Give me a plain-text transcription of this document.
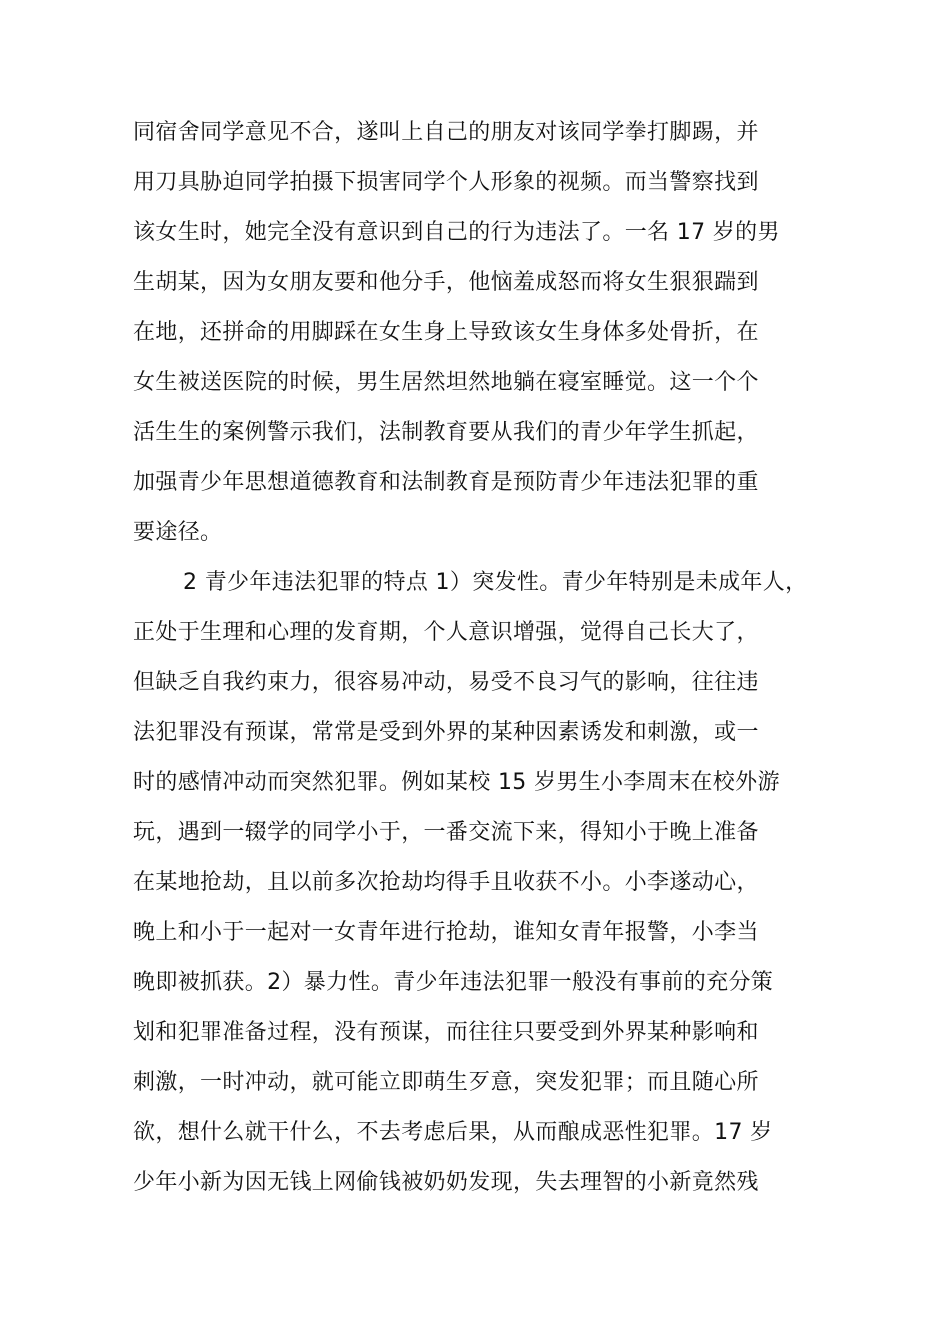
同宿舍同学意见不合，遂叫上自己的朋友对该同学拳打脚踢，并
用刀具胁迫同学拍摄下损害同学个人形象的视频。而当警察找到
该女生时，她完全没有意识到自己的行为违法了。一名 17 岁的男
生胡某，因为女朋友要和他分手，他恼羞成怒而将女生狠狠踹到
在地，还拼命的用脚踩在女生身上导致该女生身体多处骨折，在
女生被送医院的时候，男生居然坦然地躺在寝室睡觉。这一个个
活生生的案例警示我们，法制教育要从我们的青少年学生抓起，
加强青少年思想道德教育和法制教育是预防青少年违法犯罪的重
要途径。
2 青少年违法犯罪的特点 1）突发性。青少年特别是未成年人，
正处于生理和心理的发育期，个人意识增强，觉得自己长大了，
但缺乏自我约束力，很容易冲动，易受不良习气的影响，往往违
法犯罪没有预谋，常常是受到外界的某种因素诱发和刺激，或一
时的感情冲动而突然犯罪。例如某校 15 岁男生小李周末在校外游
玩，遇到一辍学的同学小于，一番交流下来，得知小于晚上准备
在某地抢劫，且以前多次抢劫均得手且收获不小。小李遂动心，
晚上和小于一起对一女青年进行抢劫，谁知女青年报警，小李当
晚即被抓获。2）暴力性。青少年违法犯罪一般没有事前的充分策
划和犯罪准备过程，没有预谋，而往往只要受到外界某种影响和
刺激，一时冲动，就可能立即萌生歹意，突发犯罪；而且随心所
欲，想什么就干什么，不去考虑后果，从而酿成恶性犯罪。17 岁
少年小新为因无钱上网偷钱被奶奶发现，失去理智的小新竟然残
